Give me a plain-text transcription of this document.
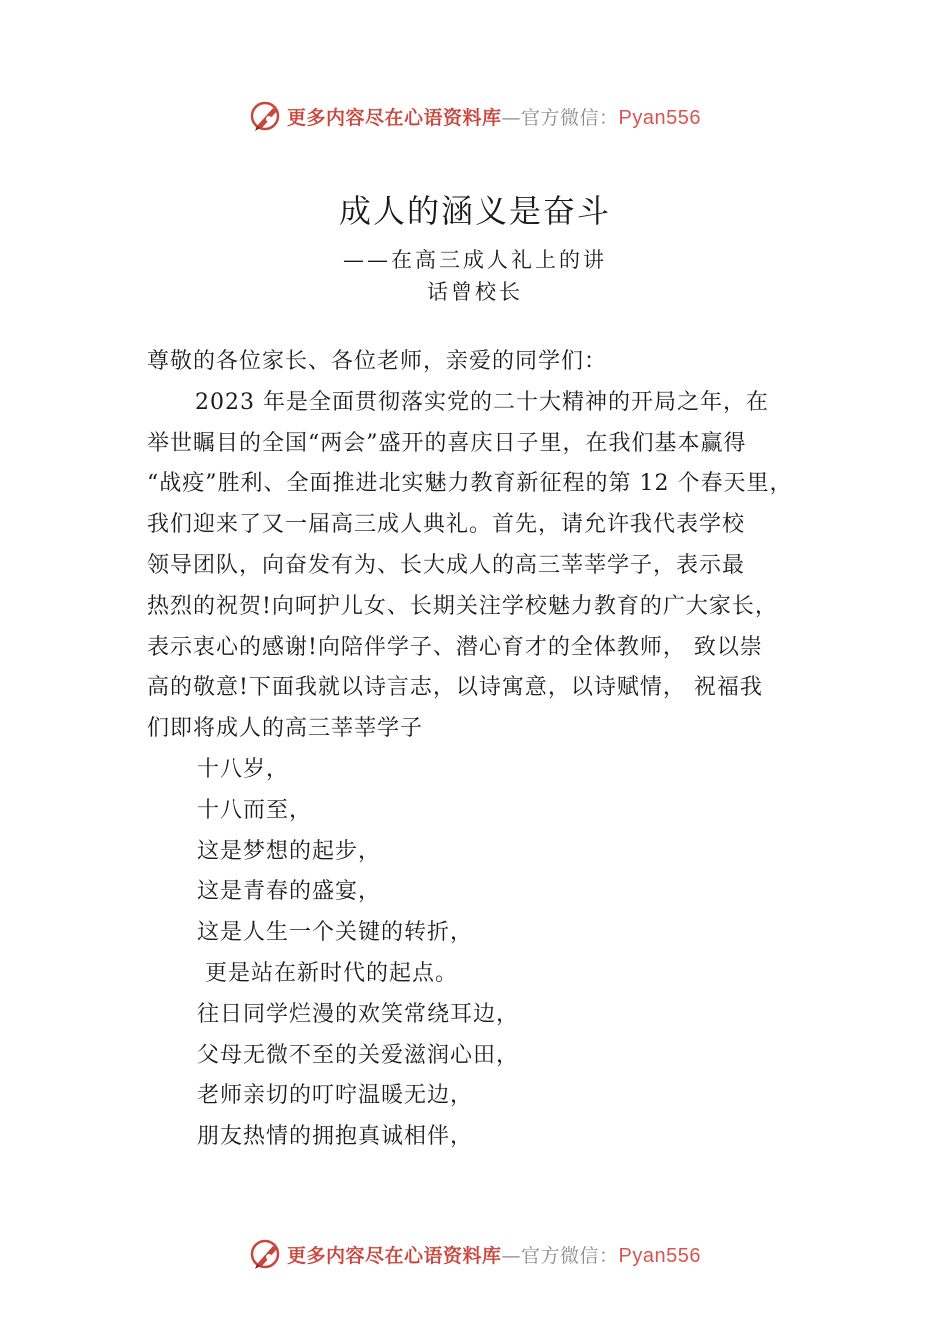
更多内容尽在心语资料库—官方微信：Pyan556
成人的涵义是奋斗
——在高三成人礼上的讲
话曾校长
尊敬的各位家长、各位老师，亲爱的同学们：
2023 年是全面贯彻落实党的二十大精神的开局之年，在
举世瞩目的全国“两会”盛开的喜庆日子里，在我们基本赢得
“战疫”胜利、全面推进北实魅力教育新征程的第 12 个春天里，
我们迎来了又一届高三成人典礼。首先，请允许我代表学校
领导团队，向奋发有为、长大成人的高三莘莘学子，表示最
热烈的祝贺!向呵护儿女、长期关注学校魅力教育的广大家长，
表示衷心的感谢!向陪伴学子、潜心育才的全体教师， 致以崇
高的敬意!下面我就以诗言志，以诗寓意，以诗赋情， 祝福我
们即将成人的高三莘莘学子
十八岁，
十八而至，
这是梦想的起步，
这是青春的盛宴，
这是人生一个关键的转折，
更是站在新时代的起点。
往日同学烂漫的欢笑常绕耳边，
父母无微不至的关爱滋润心田，
老师亲切的叮咛温暖无边，
朋友热情的拥抱真诚相伴，
更多内容尽在心语资料库—官方微信：Pyan556
